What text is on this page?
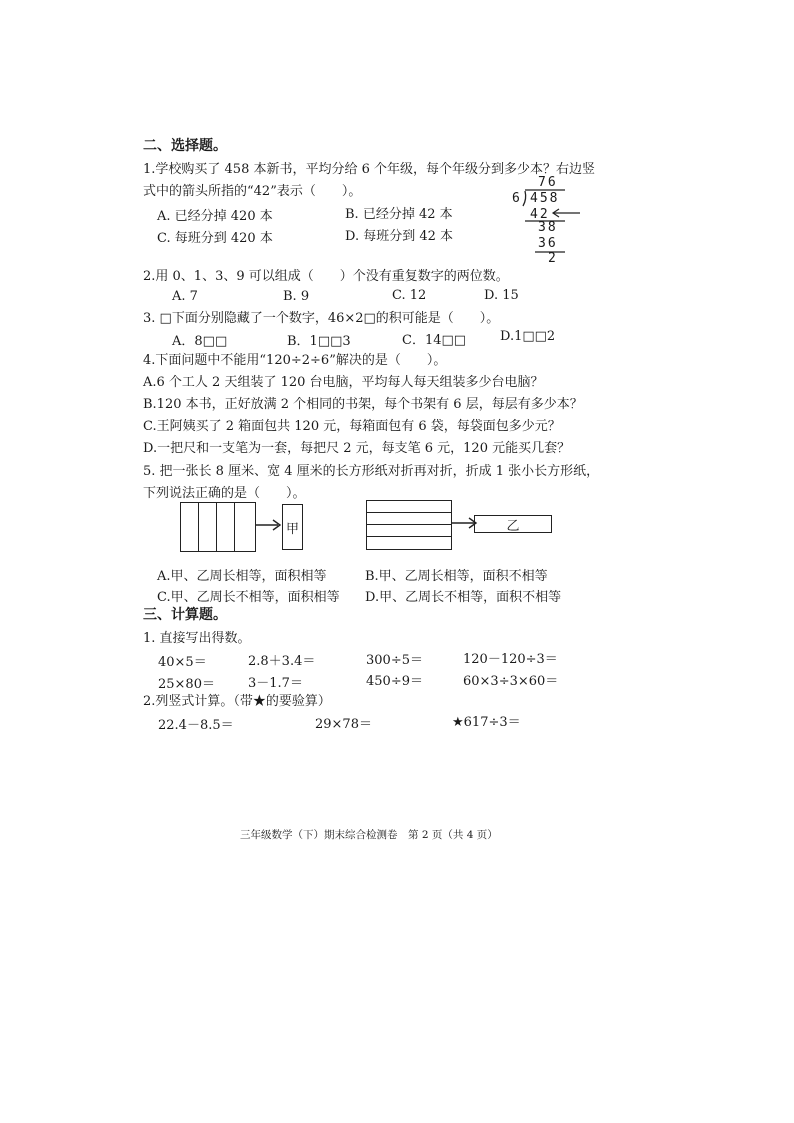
二、选择题。
1.学校购买了 458 本新书，平均分给 6 个年级，每个年级分到多少本？右边竖
式中的箭头所指的“42”表示（　　）。
A. 已经分掉 420 本	B. 已经分掉 42 本
C. 每班分到 420 本	D. 每班分到 42 本
76
6 458
42
38
36
2
2.用 0、1、3、9 可以组成（　　）个没有重复数字的两位数。
A. 7	B. 9	C. 12	D. 15
3. □下面分别隐藏了一个数字，46×2□的积可能是（　　）。
A．8□□	B．1□□3	C．14□□	D.1□□2
4.下面问题中不能用“120÷2÷6”解决的是（　　）。
A.6 个工人 2 天组装了 120 台电脑，平均每人每天组装多少台电脑？
B.120 本书，正好放满 2 个相同的书架，每个书架有 6 层，每层有多少本？
C.王阿姨买了 2 箱面包共 120 元，每箱面包有 6 袋，每袋面包多少元？
D.一把尺和一支笔为一套，每把尺 2 元，每支笔 6 元，120 元能买几套？
5. 把一张长 8 厘米、宽 4 厘米的长方形纸对折再对折，折成 1 张小长方形纸，
下列说法正确的是（　　）。
甲	乙
A.甲、乙周长相等，面积相等	B.甲、乙周长相等，面积不相等
C.甲、乙周长不相等，面积相等 D.甲、乙周长不相等，面积不相等
三、计算题。
1. 直接写出得数。
40×5＝	2.8＋3.4＝	300÷5＝	120－120÷3＝
25×80＝	3－1.7＝	450÷9＝	60×3÷3×60＝
2.列竖式计算。（带★的要验算）
22.4－8.5＝	29×78＝	★617÷3＝
三年级数学（下）期末综合检测卷　第 2 页（共 4 页）
